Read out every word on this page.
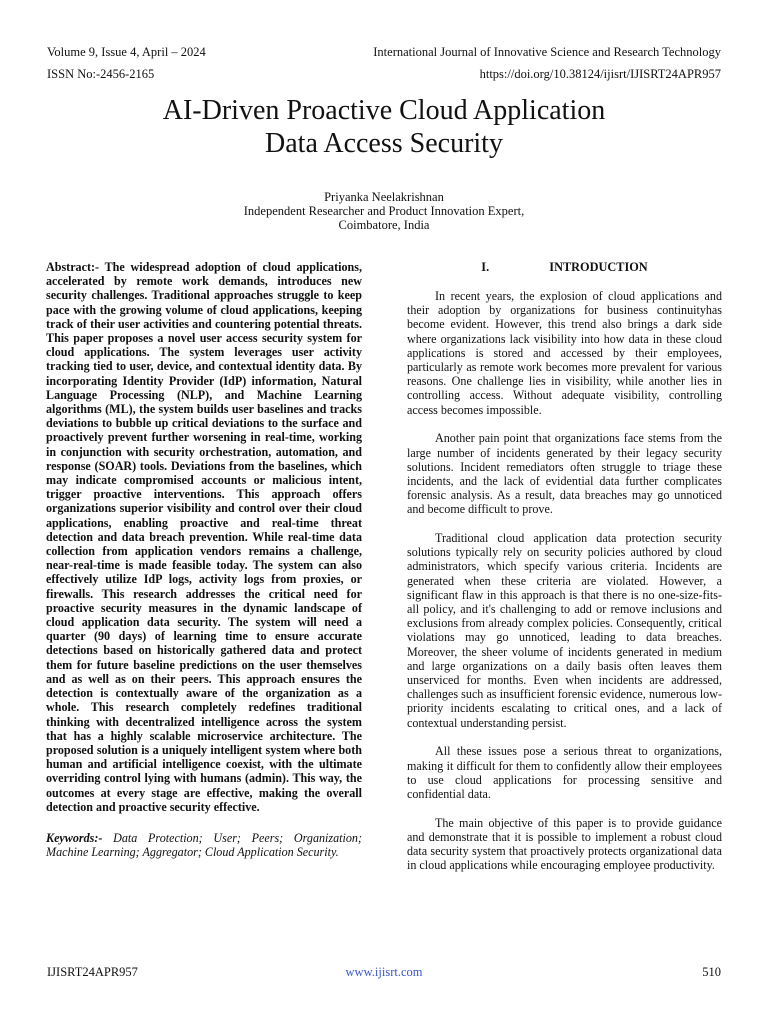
Volume 9, Issue 4, April – 2024	International Journal of Innovative Science and Research Technology
ISSN No:-2456-2165	https://doi.org/10.38124/ijisrt/IJISRT24APR957
AI-Driven Proactive Cloud Application
Data Access Security
Priyanka Neelakrishnan
Independent Researcher and Product Innovation Expert,
Coimbatore, India

Abstract:- The widespread adoption of cloud applications, accelerated by remote work demands, introduces new security challenges. Traditional approaches struggle to keep pace with the growing volume of cloud applications, keeping track of their user activities and countering potential threats. This paper proposes a novel user access security system for cloud applications. The system leverages user activity tracking tied to user, device, and contextual identity data. By incorporating Identity Provider (IdP) information, Natural Language Processing (NLP), and Machine Learning algorithms (ML), the system builds user baselines and tracks deviations to bubble up critical deviations to the surface and proactively prevent further worsening in real-time, working in conjunction with security orchestration, automation, and response (SOAR) tools. Deviations from the baselines, which may indicate compromised accounts or malicious intent, trigger proactive interventions. This approach offers organizations superior visibility and control over their cloud applications, enabling proactive and real-time threat detection and data breach prevention. While real-time data collection from application vendors remains a challenge, near-real-time is made feasible today. The system can also effectively utilize IdP logs, activity logs from proxies, or firewalls. This research addresses the critical need for proactive security measures in the dynamic landscape of cloud application data security. The system will need a quarter (90 days) of learning time to ensure accurate detections based on historically gathered data and protect them for future baseline predictions on the user themselves and as well as on their peers. This approach ensures the detection is contextually aware of the organization as a whole. This research completely redefines traditional thinking with decentralized intelligence across the system that has a highly scalable microservice architecture. The proposed solution is a uniquely intelligent system where both human and artificial intelligence coexist, with the ultimate overriding control lying with humans (admin). This way, the outcomes at every stage are effective, making the overall detection and proactive security effective.

Keywords:- Data Protection; User; Peers; Organization; Machine Learning; Aggregator; Cloud Application Security.

I.	INTRODUCTION

In recent years, the explosion of cloud applications and their adoption by organizations for business continuityhas become evident. However, this trend also brings a dark side where organizations lack visibility into how data in these cloud applications is stored and accessed by their employees, particularly as remote work becomes more prevalent for various reasons. One challenge lies in visibility, while another lies in controlling access. Without adequate visibility, controlling access becomes impossible.

Another pain point that organizations face stems from the large number of incidents generated by their legacy security solutions. Incident remediators often struggle to triage these incidents, and the lack of evidential data further complicates forensic analysis. As a result, data breaches may go unnoticed and become difficult to prove.

Traditional cloud application data protection security solutions typically rely on security policies authored by cloud administrators, which specify various criteria. Incidents are generated when these criteria are violated. However, a significant flaw in this approach is that there is no one-size-fits-all policy, and it's challenging to add or remove inclusions and exclusions from already complex policies. Consequently, critical violations may go unnoticed, leading to data breaches. Moreover, the sheer volume of incidents generated in medium and large organizations on a daily basis often leaves them unserviced for months. Even when incidents are addressed, challenges such as insufficient forensic evidence, numerous low-priority incidents escalating to critical ones, and a lack of contextual understanding persist.

All these issues pose a serious threat to organizations, making it difficult for them to confidently allow their employees to use cloud applications for processing sensitive and confidential data.

The main objective of this paper is to provide guidance and demonstrate that it is possible to implement a robust cloud data security system that proactively protects organizational data in cloud applications while encouraging employee productivity.

IJISRT24APR957	www.ijisrt.com	510
